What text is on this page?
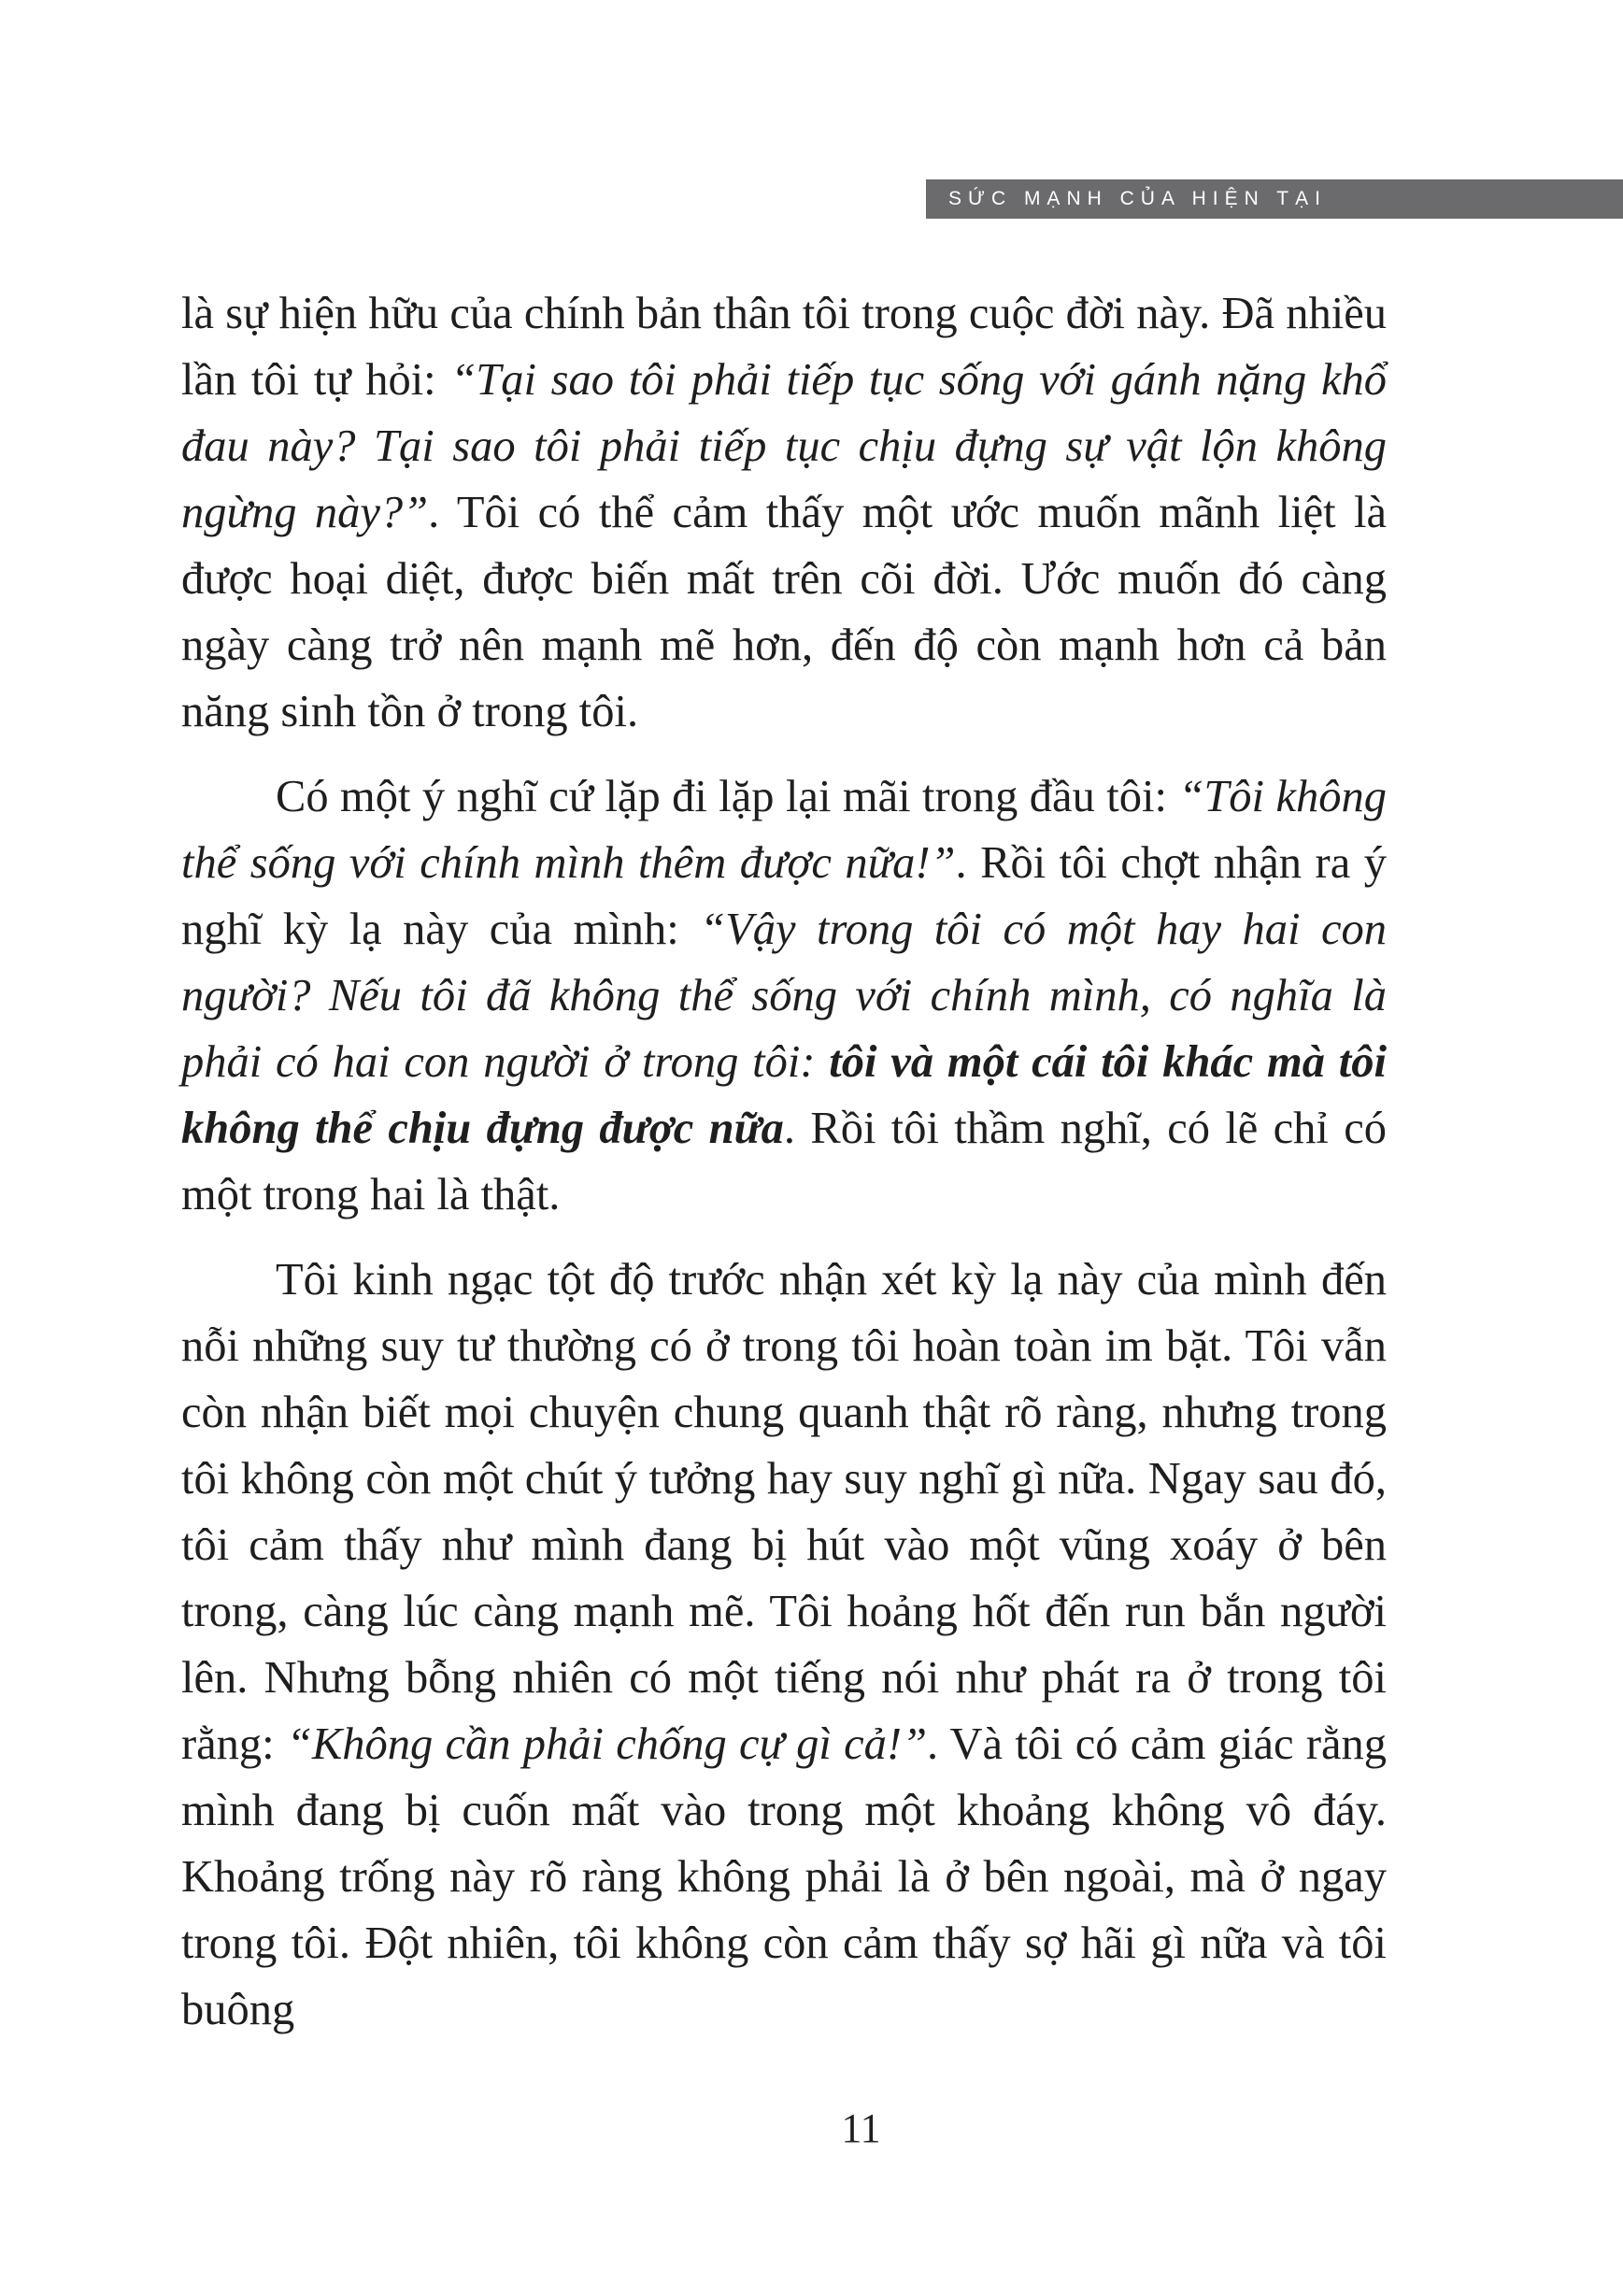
SỨC MẠNH CỦA HIỆN TẠI

là sự hiện hữu của chính bản thân tôi trong cuộc đời này. Đã nhiều lần tôi tự hỏi: “Tại sao tôi phải tiếp tục sống với gánh nặng khổ đau này? Tại sao tôi phải tiếp tục chịu đựng sự vật lộn không ngừng này?”. Tôi có thể cảm thấy một ước muốn mãnh liệt là được hoại diệt, được biến mất trên cõi đời. Ước muốn đó càng ngày càng trở nên mạnh mẽ hơn, đến độ còn mạnh hơn cả bản năng sinh tồn ở trong tôi.

Có một ý nghĩ cứ lặp đi lặp lại mãi trong đầu tôi: “Tôi không thể sống với chính mình thêm được nữa!”. Rồi tôi chợt nhận ra ý nghĩ kỳ lạ này của mình: “Vậy trong tôi có một hay hai con người? Nếu tôi đã không thể sống với chính mình, có nghĩa là phải có hai con người ở trong tôi: tôi và một cái tôi khác mà tôi không thể chịu đựng được nữa. Rồi tôi thầm nghĩ, có lẽ chỉ có một trong hai là thật.

Tôi kinh ngạc tột độ trước nhận xét kỳ lạ này của mình đến nỗi những suy tư thường có ở trong tôi hoàn toàn im bặt. Tôi vẫn còn nhận biết mọi chuyện chung quanh thật rõ ràng, nhưng trong tôi không còn một chút ý tưởng hay suy nghĩ gì nữa. Ngay sau đó, tôi cảm thấy như mình đang bị hút vào một vũng xoáy ở bên trong, càng lúc càng mạnh mẽ. Tôi hoảng hốt đến run bắn người lên. Nhưng bỗng nhiên có một tiếng nói như phát ra ở trong tôi rằng: “Không cần phải chống cự gì cả!”. Và tôi có cảm giác rằng mình đang bị cuốn mất vào trong một khoảng không vô đáy. Khoảng trống này rõ ràng không phải là ở bên ngoài, mà ở ngay trong tôi. Đột nhiên, tôi không còn cảm thấy sợ hãi gì nữa và tôi buông

11
